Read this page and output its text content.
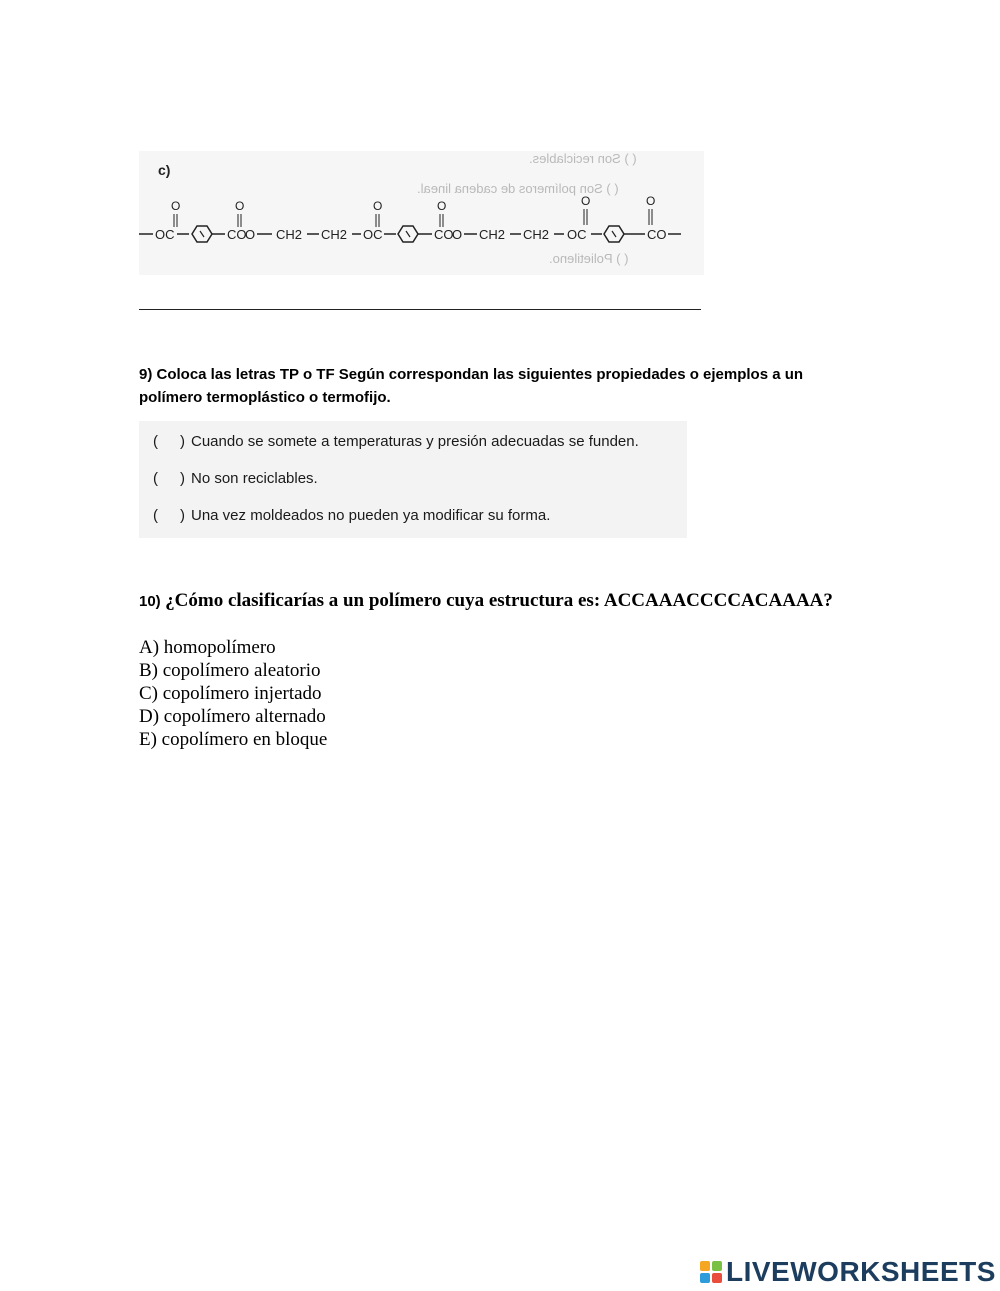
( ) Son reciclables.
( ) Son polímeros de cadena lineal.
( ) Polietileno.
c)
OC
O	O
CO
O CH2 CH2 OC
O	O
CO
O CH2 CH2 OC
O	O
CO
9) Coloca las letras TP o TF Según correspondan las siguientes propiedades o ejemplos a un
polímero termoplástico o termofijo.
( ) Cuando se somete a temperaturas y presión adecuadas se funden.
( ) No son reciclables.
( ) Una vez moldeados no pueden ya modificar su forma.
10) ¿Cómo clasificarías a un polímero cuya estructura es: ACCAAACCCCACAAAA?
A) homopolímero
B) copolímero aleatorio
C) copolímero injertado
D) copolímero alternado
E) copolímero en bloque
LIVEWORKSHEETS
